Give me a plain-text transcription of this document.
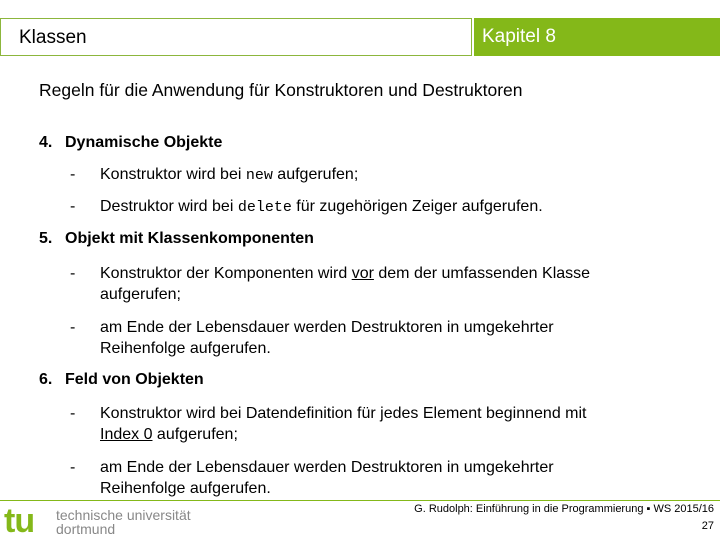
Klassen	Kapitel 8
Regeln für die Anwendung für Konstruktoren und Destruktoren
4. Dynamische Objekte
- Konstruktor wird bei new aufgerufen;
- Destruktor wird bei delete für zugehörigen Zeiger aufgerufen.
5. Objekt mit Klassenkomponenten
- Konstruktor der Komponenten wird vor dem der umfassenden Klasse
aufgerufen;
- am Ende der Lebensdauer werden Destruktoren in umgekehrter
Reihenfolge aufgerufen.
6. Feld von Objekten
- Konstruktor wird bei Datendefinition für jedes Element beginnend mit
Index 0 aufgerufen;
- am Ende der Lebensdauer werden Destruktoren in umgekehrter
Reihenfolge aufgerufen.
tu technische universität
dortmund
G. Rudolph: Einführung in die Programmierung ▪ WS 2015/16
27
